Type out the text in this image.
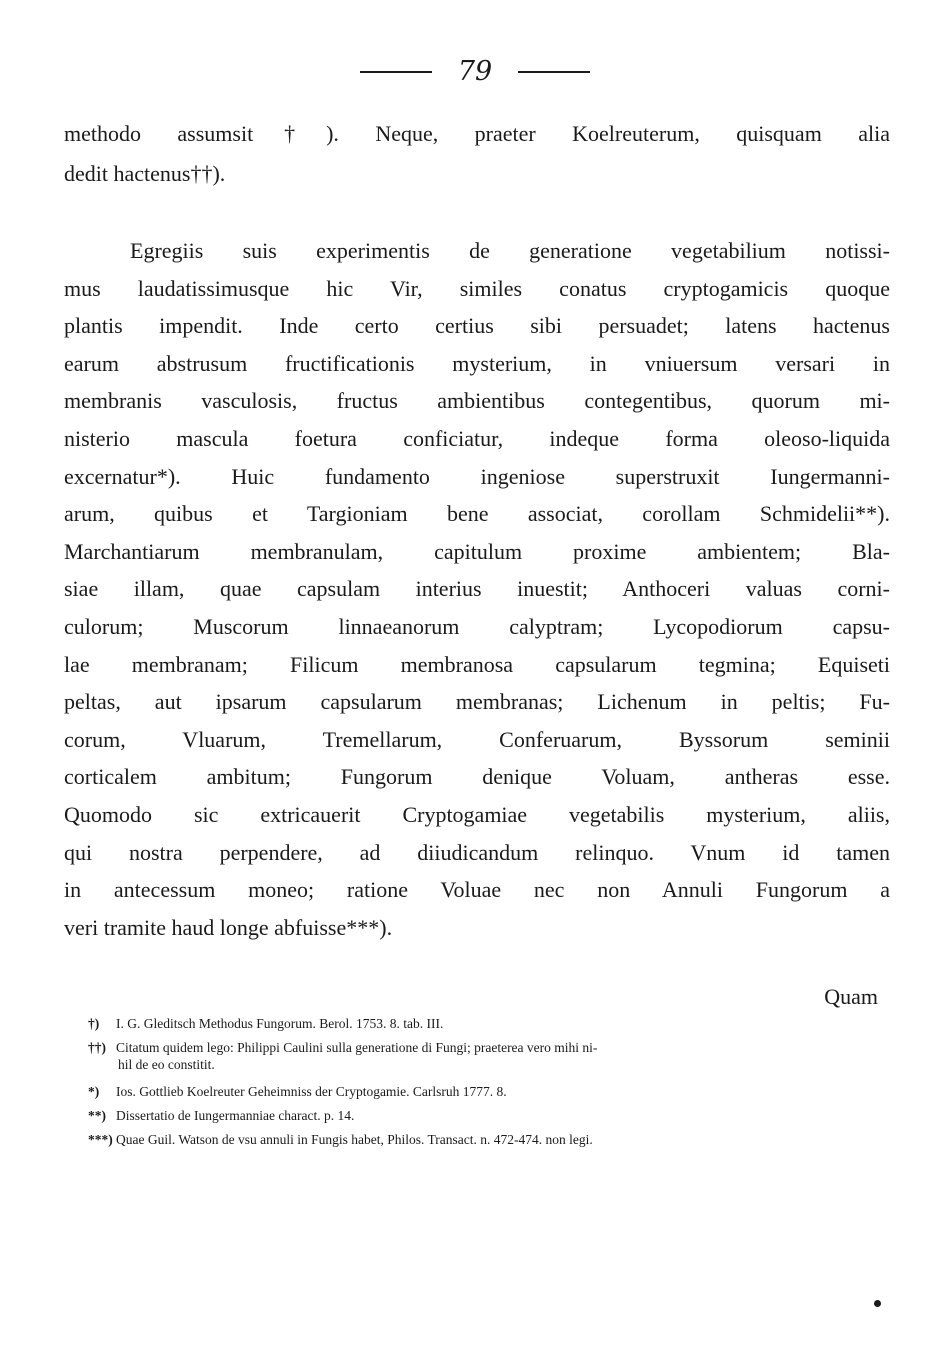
79
methodo assumsit†). Neque, praeter Koelreuterum, quisquam alia
dedit hactenus††).
Egregiis suis experimentis de generatione vegetabilium notissi-
mus laudatissimusque hic Vir, similes conatus cryptogamicis quoque
plantis impendit. Inde certo certius sibi persuadet; latens hactenus
earum abstrusum fructificationis mysterium, in vniuersum versari in
membranis vasculosis, fructus ambientibus contegentibus, quorum mi-
nisterio mascula foetura conficiatur, indeque forma oleoso-liquida
excernatur*). Huic fundamento ingeniose superstruxit Iungermanni-
arum, quibus et Targioniam bene associat, corollam Schmidelii**).
Marchantiarum membranulam, capitulum proxime ambientem; Bla-
siae illam, quae capsulam interius inuestit; Anthoceri valuas corni-
culorum; Muscorum linnaeanorum calyptram; Lycopodiorum capsu-
lae membranam; Filicum membranosa capsularum tegmina; Equiseti
peltas, aut ipsarum capsularum membranas; Lichenum in peltis; Fu-
corum, Vluarum, Tremellarum, Conferuarum, Byssorum seminii
corticalem ambitum; Fungorum denique Voluam, antheras esse.
Quomodo sic extricauerit Cryptogamiae vegetabilis mysterium, aliis,
qui nostra perpendere, ad diiudicandum relinquo. Vnum id tamen
in antecessum moneo; ratione Voluae nec non Annuli Fungorum a
veri tramite haud longe abfuisse***).
Quam
†) I. G. Gleditsch Methodus Fungorum. Berol. 1753. 8. tab. III.
††) Citatum quidem lego: Philippi Caulini sulla generatione di Fungi; praeterea vero mihi ni-
hil de eo constitit.
*) Ios. Gottlieb Koelreuter Geheimniss der Cryptogamie. Carlsruh 1777. 8.
**) Dissertatio de Iungermanniae charact. p. 14.
***) Quae Guil. Watson de vsu annuli in Fungis habet, Philos. Transact. n. 472-474. non legi.
